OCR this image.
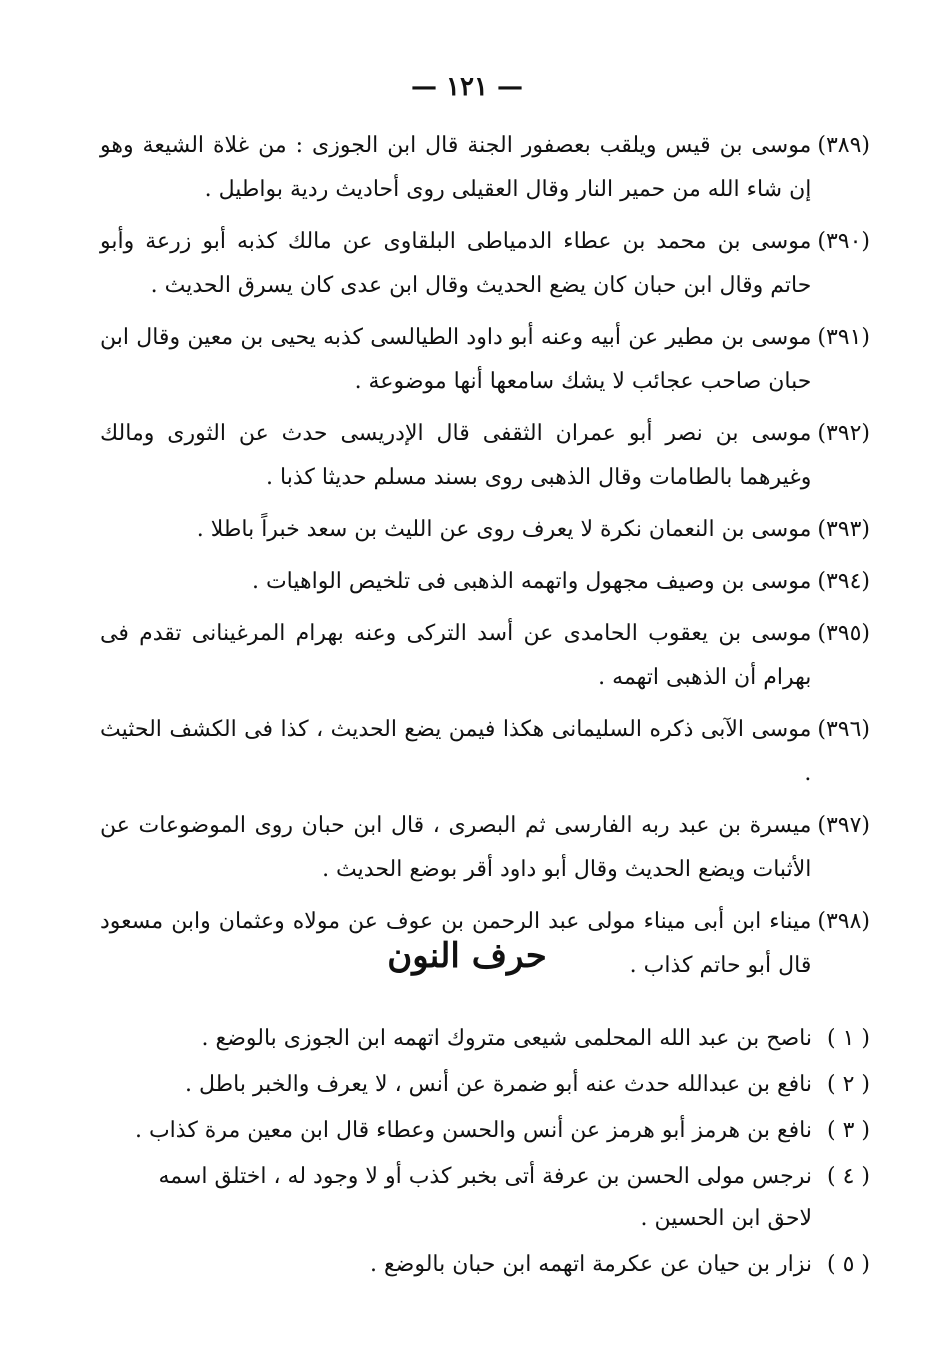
— ١٢١ —
(٣٨٩)
موسى بن قيس ويلقب بعصفور الجنة قال ابن الجوزى : من غلاة الشيعة وهو إن شاء الله من حمير النار وقال العقيلى روى أحاديث ردية بواطيل .
(٣٩٠)
موسى بن محمد بن عطاء الدمياطى البلقاوى عن مالك كذبه أبو زرعة وأبو حاتم وقال ابن حبان كان يضع الحديث وقال ابن عدى كان يسرق الحديث .
(٣٩١)
موسى بن مطير عن أبيه وعنه أبو داود الطيالسى كذبه يحيى بن معين وقال ابن حبان صاحب عجائب لا يشك سامعها أنها موضوعة .
(٣٩٢)
موسى بن نصر أبو عمران الثقفى قال الإدريسى حدث عن الثورى ومالك وغيرهما بالطامات وقال الذهبى روى بسند مسلم حديثا كذبا .
(٣٩٣)
موسى بن النعمان نكرة لا يعرف روى عن الليث بن سعد خبراً باطلا .
(٣٩٤)
موسى بن وصيف مجهول واتهمه الذهبى فى تلخيص الواهيات .
(٣٩٥)
موسى بن يعقوب الحامدى عن أسد التركى وعنه بهرام المرغينانى تقدم فى بهرام أن الذهبى اتهمه .
(٣٩٦)
موسى الآبى ذكره السليمانى هكذا فيمن يضع الحديث ، كذا فى الكشف الحثيث .
(٣٩٧)
ميسرة بن عبد ربه الفارسى ثم البصرى ، قال ابن حبان روى الموضوعات عن الأثبات ويضع الحديث وقال أبو داود أقر بوضع الحديث .
(٣٩٨)
ميناء ابن أبى ميناء مولى عبد الرحمن بن عوف عن مولاه وعثمان وابن مسعود قال أبو حاتم كذاب .
حرف النون
( ١ )
ناصح بن عبد الله المحلمى شيعى متروك اتهمه ابن الجوزى بالوضع .
( ٢ )
نافع بن عبدالله حدث عنه أبو ضمرة عن أنس ، لا يعرف والخبر باطل .
( ٣ )
نافع بن هرمز أبو هرمز عن أنس والحسن وعطاء قال ابن معين مرة كذاب .
( ٤ )
نرجس مولى الحسن بن عرفة أتى بخبر كذب أو لا وجود له ، اختلق اسمه لاحق ابن الحسين .
( ٥ )
نزار بن حيان عن عكرمة اتهمه ابن حبان بالوضع .
